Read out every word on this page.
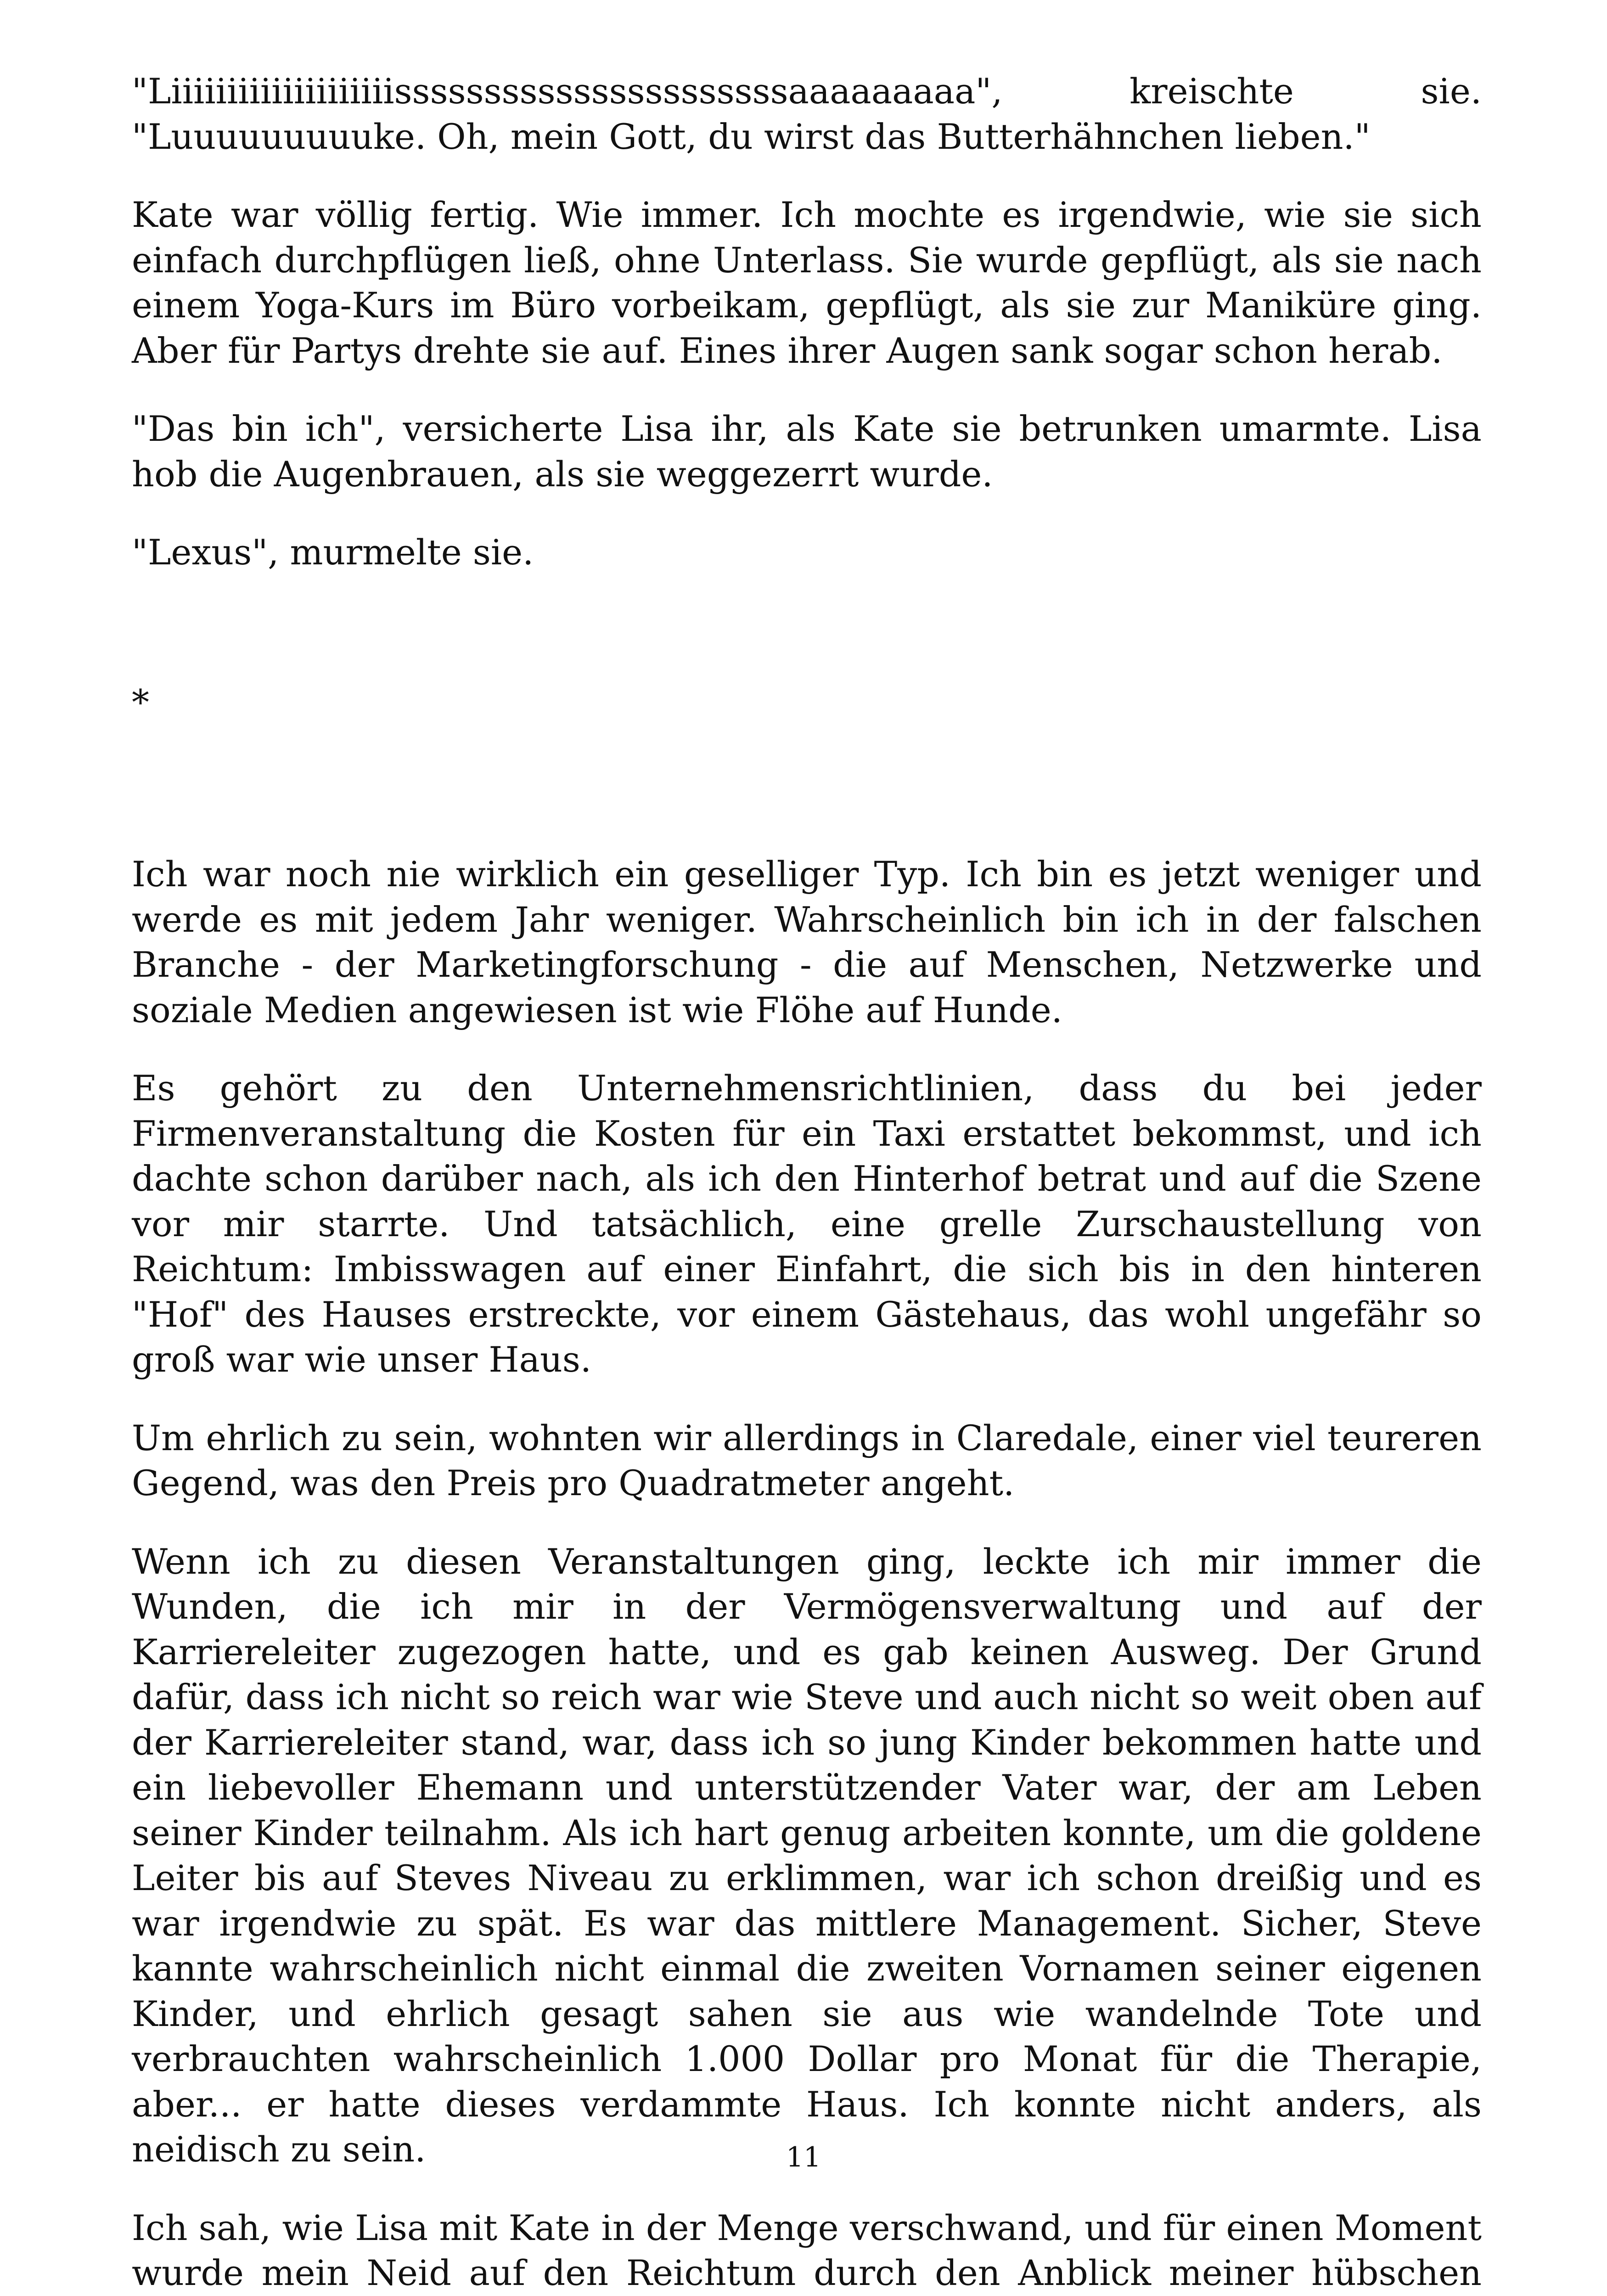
"Liiiiiiiiiiiiiiiiiiiissssssssssssssssssssssaaaaaaaaa", kreischte sie. "Luuuuuuuuuke. Oh, mein Gott, du wirst das Butterhähnchen lieben."

Kate war völlig fertig. Wie immer. Ich mochte es irgendwie, wie sie sich einfach durchpflügen ließ, ohne Unterlass. Sie wurde gepflügt, als sie nach einem Yoga-Kurs im Büro vorbeikam, gepflügt, als sie zur Maniküre ging. Aber für Partys drehte sie auf. Eines ihrer Augen sank sogar schon herab.

"Das bin ich", versicherte Lisa ihr, als Kate sie betrunken umarmte. Lisa hob die Augenbrauen, als sie weggezerrt wurde.

"Lexus", murmelte sie.

*

Ich war noch nie wirklich ein geselliger Typ. Ich bin es jetzt weniger und werde es mit jedem Jahr weniger. Wahrscheinlich bin ich in der falschen Branche - der Marketingforschung - die auf Menschen, Netzwerke und soziale Medien angewiesen ist wie Flöhe auf Hunde.

Es gehört zu den Unternehmensrichtlinien, dass du bei jeder Firmenveranstaltung die Kosten für ein Taxi erstattet bekommst, und ich dachte schon darüber nach, als ich den Hinterhof betrat und auf die Szene vor mir starrte. Und tatsächlich, eine grelle Zurschaustellung von Reichtum: Imbisswagen auf einer Einfahrt, die sich bis in den hinteren "Hof" des Hauses erstreckte, vor einem Gästehaus, das wohl ungefähr so groß war wie unser Haus.

Um ehrlich zu sein, wohnten wir allerdings in Claredale, einer viel teureren Gegend, was den Preis pro Quadratmeter angeht.

Wenn ich zu diesen Veranstaltungen ging, leckte ich mir immer die Wunden, die ich mir in der Vermögensverwaltung und auf der Karriereleiter zugezogen hatte, und es gab keinen Ausweg. Der Grund dafür, dass ich nicht so reich war wie Steve und auch nicht so weit oben auf der Karriereleiter stand, war, dass ich so jung Kinder bekommen hatte und ein liebevoller Ehemann und unterstützender Vater war, der am Leben seiner Kinder teilnahm. Als ich hart genug arbeiten konnte, um die goldene Leiter bis auf Steves Niveau zu erklimmen, war ich schon dreißig und es war irgendwie zu spät. Es war das mittlere Management. Sicher, Steve kannte wahrscheinlich nicht einmal die zweiten Vornamen seiner eigenen Kinder, und ehrlich gesagt sahen sie aus wie wandelnde Tote und verbrauchten wahrscheinlich 1.000 Dollar pro Monat für die Therapie, aber... er hatte dieses verdammte Haus. Ich konnte nicht anders, als neidisch zu sein.

Ich sah, wie Lisa mit Kate in der Menge verschwand, und für einen Moment wurde mein Neid auf den Reichtum durch den Anblick meiner hübschen

11
